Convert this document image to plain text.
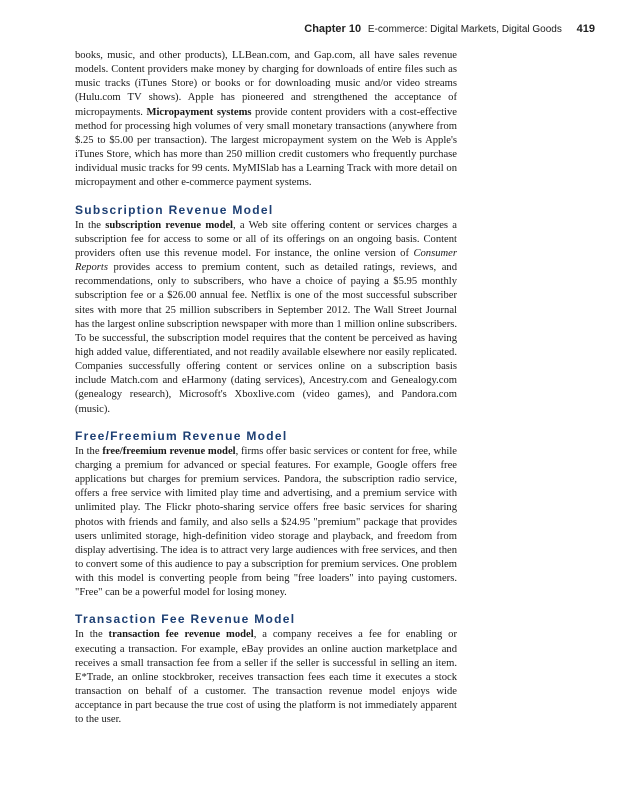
Chapter 10 E-commerce: Digital Markets, Digital Goods 419

books, music, and other products), LLBean.com, and Gap.com, all have sales revenue models. Content providers make money by charging for downloads of entire files such as music tracks (iTunes Store) or books or for downloading music and/or video streams (Hulu.com TV shows). Apple has pioneered and strengthened the acceptance of micropayments. Micropayment systems provide content providers with a cost-effective method for processing high volumes of very small monetary transactions (anywhere from $.25 to $5.00 per transaction). The largest micropayment system on the Web is Apple's iTunes Store, which has more than 250 million credit customers who frequently purchase individual music tracks for 99 cents. MyMISlab has a Learning Track with more detail on micropayment and other e-commerce payment systems.

Subscription Revenue Model

In the subscription revenue model, a Web site offering content or services charges a subscription fee for access to some or all of its offerings on an ongoing basis. Content providers often use this revenue model. For instance, the online version of Consumer Reports provides access to premium content, such as detailed ratings, reviews, and recommendations, only to subscribers, who have a choice of paying a $5.95 monthly subscription fee or a $26.00 annual fee. Netflix is one of the most successful subscriber sites with more that 25 million subscribers in September 2012. The Wall Street Journal has the largest online subscription newspaper with more than 1 million online subscribers. To be successful, the subscription model requires that the content be perceived as having high added value, differentiated, and not readily available elsewhere nor easily replicated. Companies successfully offering content or services online on a subscription basis include Match.com and eHarmony (dating services), Ancestry.com and Genealogy.com (genealogy research), Microsoft's Xboxlive.com (video games), and Pandora.com (music).

Free/Freemium Revenue Model

In the free/freemium revenue model, firms offer basic services or content for free, while charging a premium for advanced or special features. For example, Google offers free applications but charges for premium services. Pandora, the subscription radio service, offers a free service with limited play time and advertising, and a premium service with unlimited play. The Flickr photo-sharing service offers free basic services for sharing photos with friends and family, and also sells a $24.95 "premium" package that provides users unlimited storage, high-definition video storage and playback, and freedom from display advertising. The idea is to attract very large audiences with free services, and then to convert some of this audience to pay a subscription for premium services. One problem with this model is converting people from being "free loaders" into paying customers. "Free" can be a powerful model for losing money.

Transaction Fee Revenue Model

In the transaction fee revenue model, a company receives a fee for enabling or executing a transaction. For example, eBay provides an online auction marketplace and receives a small transaction fee from a seller if the seller is successful in selling an item. E*Trade, an online stockbroker, receives transaction fees each time it executes a stock transaction on behalf of a customer. The transaction revenue model enjoys wide acceptance in part because the true cost of using the platform is not immediately apparent to the user.
